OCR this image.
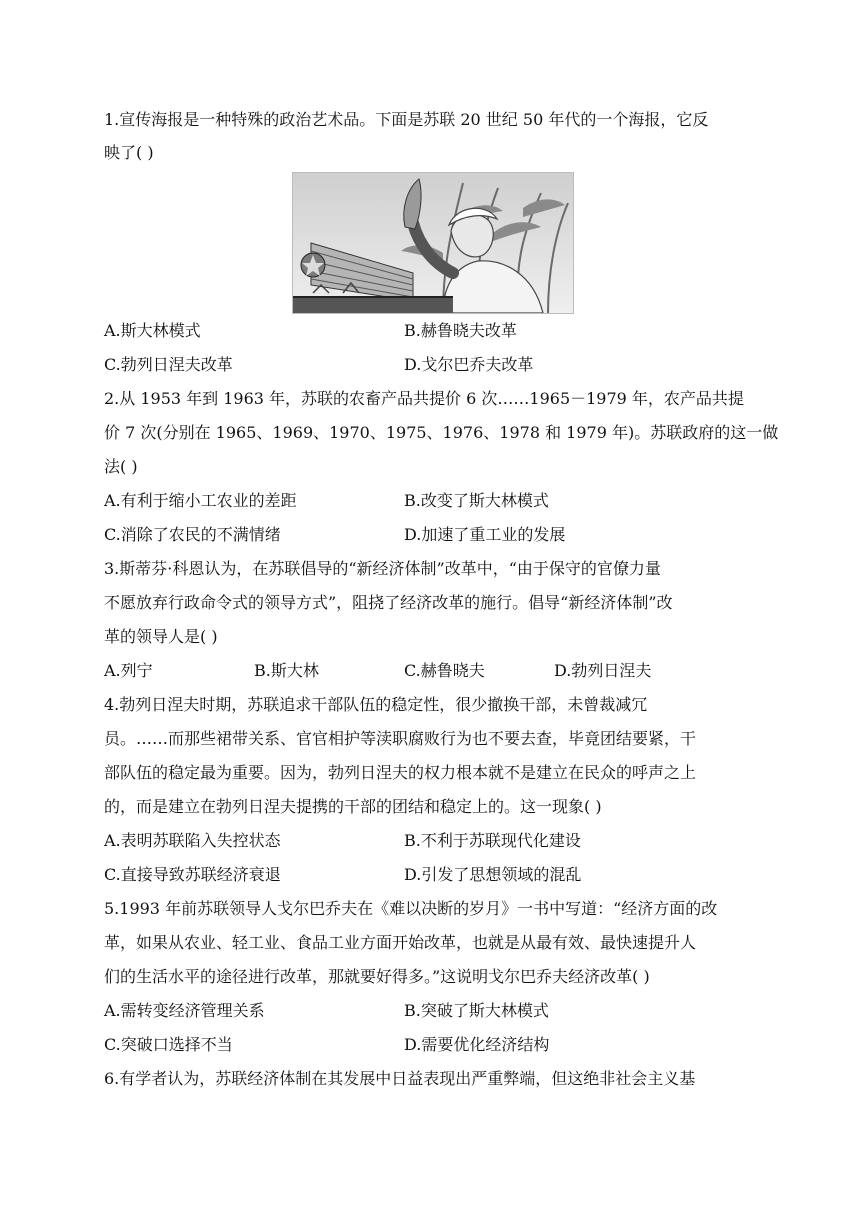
1.宣传海报是一种特殊的政治艺术品。下面是苏联 20 世纪 50 年代的一个海报，它反
映了( )
A.斯大林模式	B.赫鲁晓夫改革
C.勃列日涅夫改革	D.戈尔巴乔夫改革
2.从 1953 年到 1963 年，苏联的农畜产品共提价 6 次……1965－1979 年，农产品共提
价 7 次(分别在 1965、1969、1970、1975、1976、1978 和 1979 年)。苏联政府的这一做
法( )
A.有利于缩小工农业的差距	B.改变了斯大林模式
C.消除了农民的不满情绪	D.加速了重工业的发展
3.斯蒂芬·科恩认为，在苏联倡导的“新经济体制”改革中，“由于保守的官僚力量
不愿放弃行政命令式的领导方式”，阻挠了经济改革的施行。倡导“新经济体制”改
革的领导人是( )
A.列宁	B.斯大林	C.赫鲁晓夫	D.勃列日涅夫
4.勃列日涅夫时期，苏联追求干部队伍的稳定性，很少撤换干部，未曾裁减冗
员。……而那些裙带关系、官官相护等渎职腐败行为也不要去查，毕竟团结要紧，干
部队伍的稳定最为重要。因为，勃列日涅夫的权力根本就不是建立在民众的呼声之上
的，而是建立在勃列日涅夫提携的干部的团结和稳定上的。这一现象( )
A.表明苏联陷入失控状态	B.不利于苏联现代化建设
C.直接导致苏联经济衰退	D.引发了思想领域的混乱
5.1993 年前苏联领导人戈尔巴乔夫在《难以决断的岁月》一书中写道：“经济方面的改
革，如果从农业、轻工业、食品工业方面开始改革，也就是从最有效、最快速提升人
们的生活水平的途径进行改革，那就要好得多。”这说明戈尔巴乔夫经济改革( )
A.需转变经济管理关系	B.突破了斯大林模式
C.突破口选择不当	D.需要优化经济结构
6.有学者认为，苏联经济体制在其发展中日益表现出严重弊端，但这绝非社会主义基
